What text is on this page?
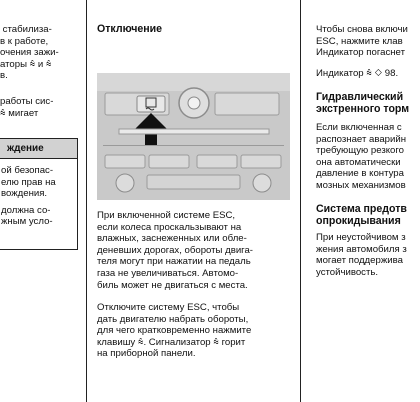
стабилиза-
в к работе,
очения зажи-
аторы ⩯ и ⩯
в.
работы сис-
⩯ мигает
ждение
ой безопас-
елю прав на
вождения.
должна со-
жным усло-
Отключение
При включенной системе ESC,
если колеса проскальзывают на
влажных, заснеженных или обле-
деневших дорогах, обороты двига-
теля могут при нажатии на педаль
газа не увеличиваться. Автомо-
биль может не двигаться с места.
Отключите систему ESC, чтобы
дать двигателю набрать обороты,
для чего кратковременно нажмите
клавишу ⩯. Сигнализатор ⩯ горит
на приборной панели.
Чтобы снова включи
ESC, нажмите клав
Индикатор погаснет
Индикатор ⩯ ◇ 98.
Гидравлический
экстренного торм
Если включенная с
распознает аварийн
требующую резкого
она автоматически
давление в контура
мозных механизмов
Система предотв
опрокидывания
При неустойчивом з
жения автомобиля з
могает поддержива
устойчивость.
